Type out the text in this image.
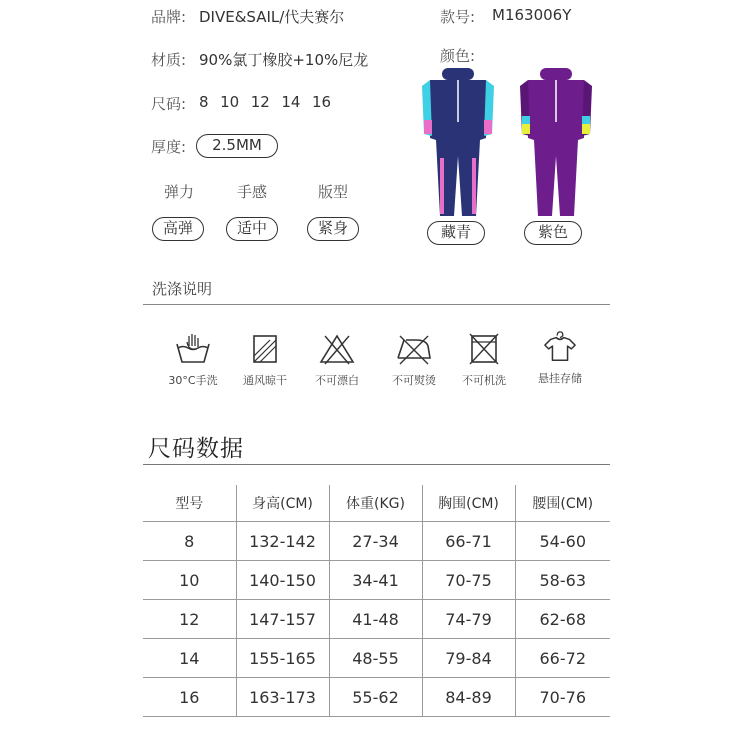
品牌: DIVE&SAIL/代夫赛尔	款号: M163006Y
材质: 90%氯丁橡胶+10%尼龙	颜色:
尺码: 8  10  12  14  16
厚度:	2.5MM
弹力	手感	版型
高弹	适中	紧身	藏青	紫色
洗涤说明
30°C手洗	通风晾干	不可漂白	不可熨烫	不可机洗	悬挂存储
尺码数据
型号	身高(CM)	体重(KG)	胸围(CM)	腰围(CM)
8	132-142	27-34	66-71	54-60
10	140-150	34-41	70-75	58-63
12	147-157	41-48	74-79	62-68
14	155-165	48-55	79-84	66-72
16	163-173	55-62	84-89	70-76
